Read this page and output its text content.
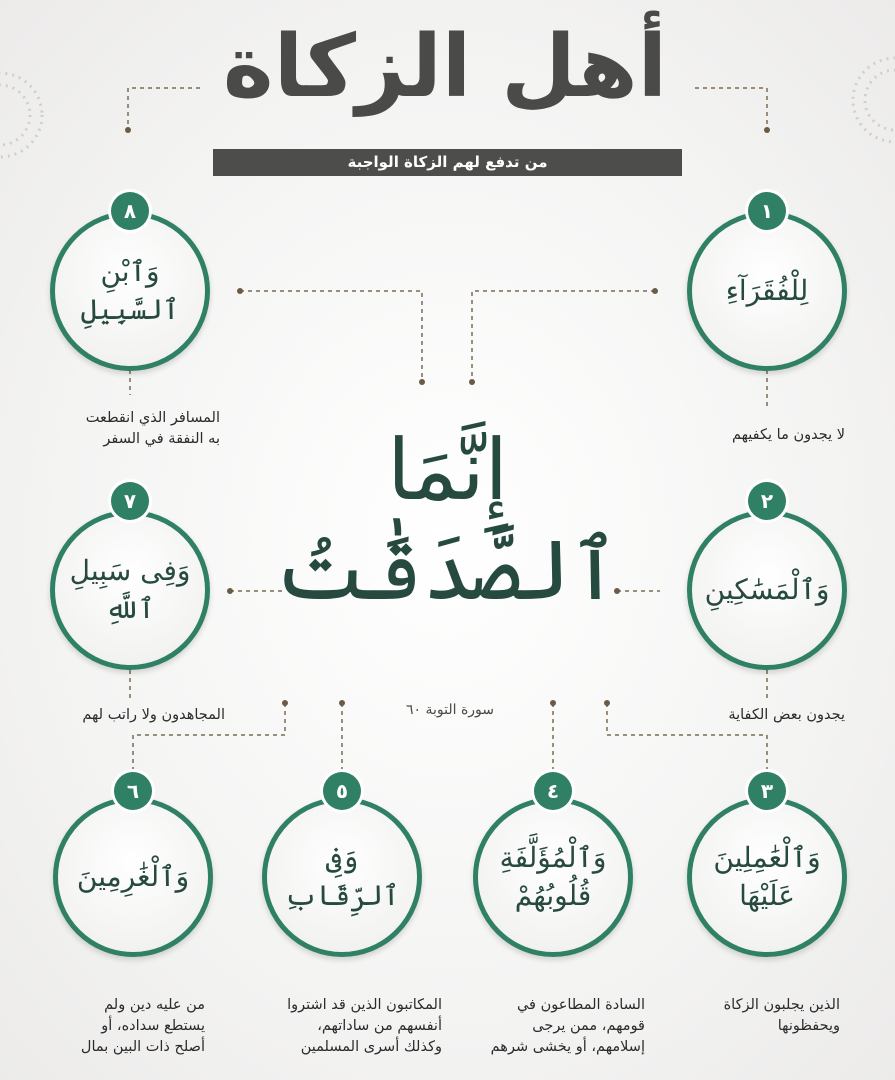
أهل الزكاة
من تدفع لهم الزكاة الواجبة
إِنَّمَا
ٱلصَّدَقَٰتُ
سورة التوبة ٦٠
لِلْفُقَرَآءِ
١
لا يجدون ما يكفيهم
وَٱلْمَسَٰكِينِ
٢
يجدون بعض الكفاية
وَٱلْعَٰمِلِينَ
عَلَيْهَا
٣
الذين يجلبون الزكاة
ويحفظونها
وَٱلْمُؤَلَّفَةِ
قُلُوبُهُمْ
٤
السادة المطاعون في
قومهم، ممن يرجى
إسلامهم، أو يخشى شرهم
وَفِى ٱلرِّقَابِ
٥
المكاتبون الذين قد اشتروا
أنفسهم من ساداتهم،
وكذلك أسرى المسلمين
وَٱلْغَٰرِمِينَ
٦
من عليه دين ولم
يستطع سداده، أو
أصلح ذات البين بمال
وَفِى سَبِيلِ
ٱللَّهِ
٧
المجاهدون ولا راتب لهم
وَٱبْنِ
ٱلسَّبِيلِ
٨
المسافر الذي انقطعت
به النفقة في السفر
